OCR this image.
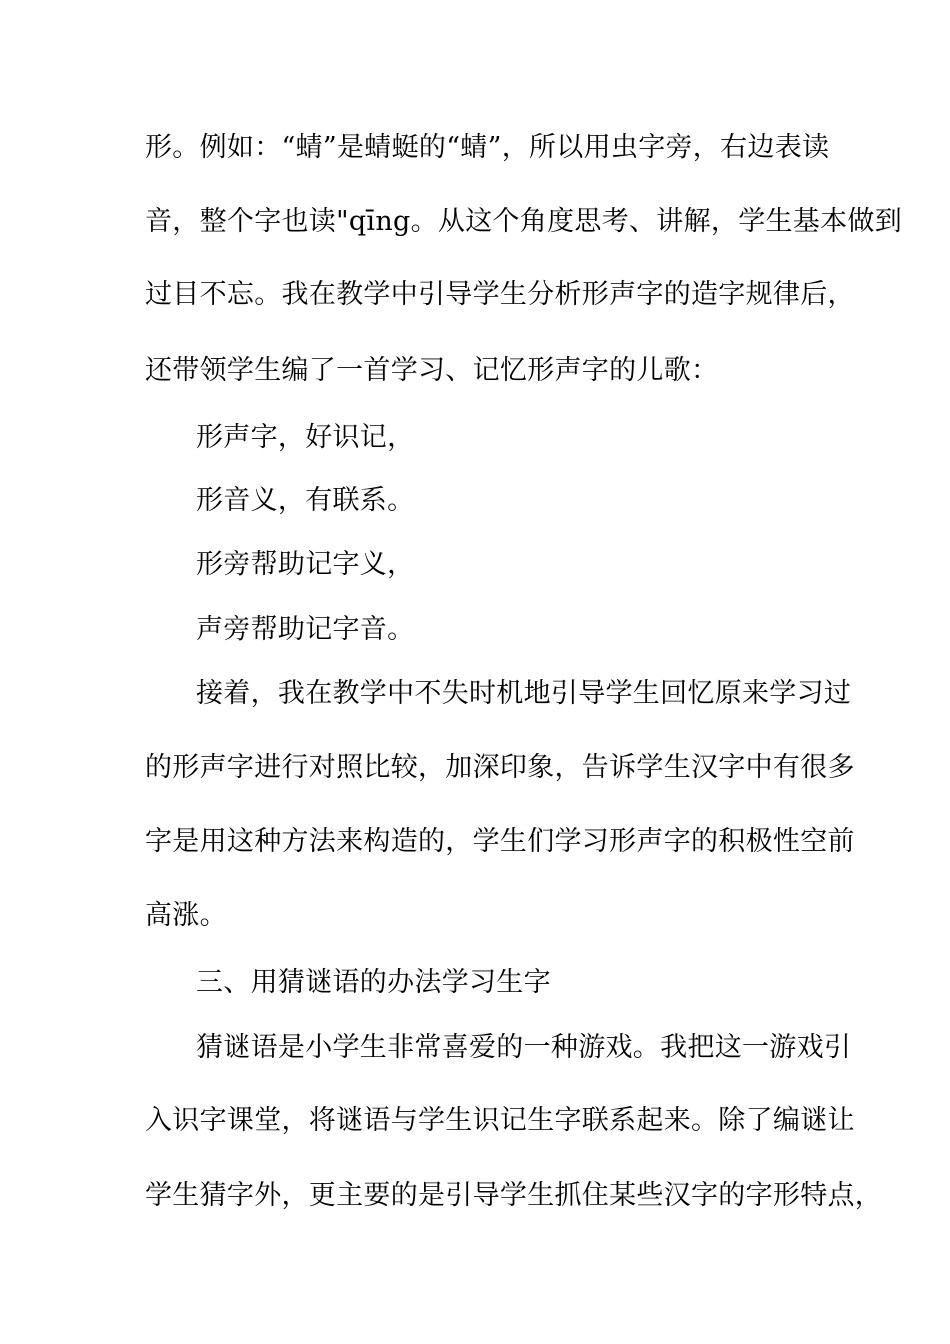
形。例如：“蜻”是蜻蜓的“蜻”，所以用虫字旁，右边表读
音，整个字也读"qīng。从这个角度思考、讲解，学生基本做到
过目不忘。我在教学中引导学生分析形声字的造字规律后，
还带领学生编了一首学习、记忆形声字的儿歌：
形声字，好识记，
形音义，有联系。
形旁帮助记字义，
声旁帮助记字音。
接着，我在教学中不失时机地引导学生回忆原来学习过
的形声字进行对照比较，加深印象，告诉学生汉字中有很多
字是用这种方法来构造的，学生们学习形声字的积极性空前
高涨。
三、用猜谜语的办法学习生字
猜谜语是小学生非常喜爱的一种游戏。我把这一游戏引
入识字课堂，将谜语与学生识记生字联系起来。除了编谜让
学生猜字外，更主要的是引导学生抓住某些汉字的字形特点，
